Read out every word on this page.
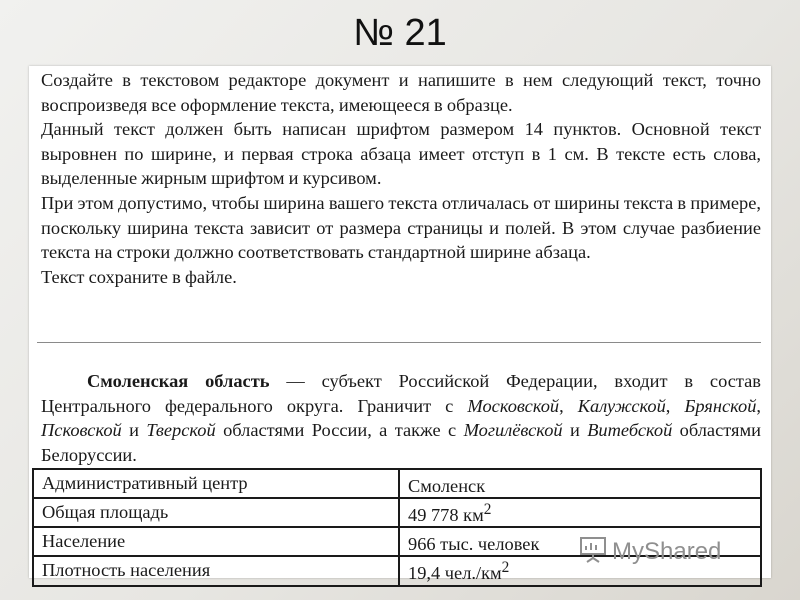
№ 21

Создайте в текстовом редакторе документ и напишите в нем следующий текст, точно воспроизведя все оформление текста, имеющееся в образце.

Данный текст должен быть написан шрифтом размером 14 пунктов. Основной текст выровнен по ширине, и первая строка абзаца имеет отступ в 1 см. В тексте есть слова, выделенные жирным шрифтом и курсивом.

При этом допустимо, чтобы ширина вашего текста отличалась от ширины текста в примере, поскольку ширина текста зависит от размера страницы и полей. В этом случае разбиение текста на строки должно соответствовать стандартной ширине абзаца.

Текст сохраните в файле.

Смоленская область — субъект Российской Федерации, входит в состав Центрального федерального округа. Граничит с Московской, Калужской, Брянской, Псковской и Тверской областями России, а также с Могилёвской и Витебской областями Белоруссии.

Административный центр	Смоленск
Общая площадь	49 778 $км^2$
Население	966 тыс. человек
Плотность населения	19,4 $чел./км^2$
MyShared
